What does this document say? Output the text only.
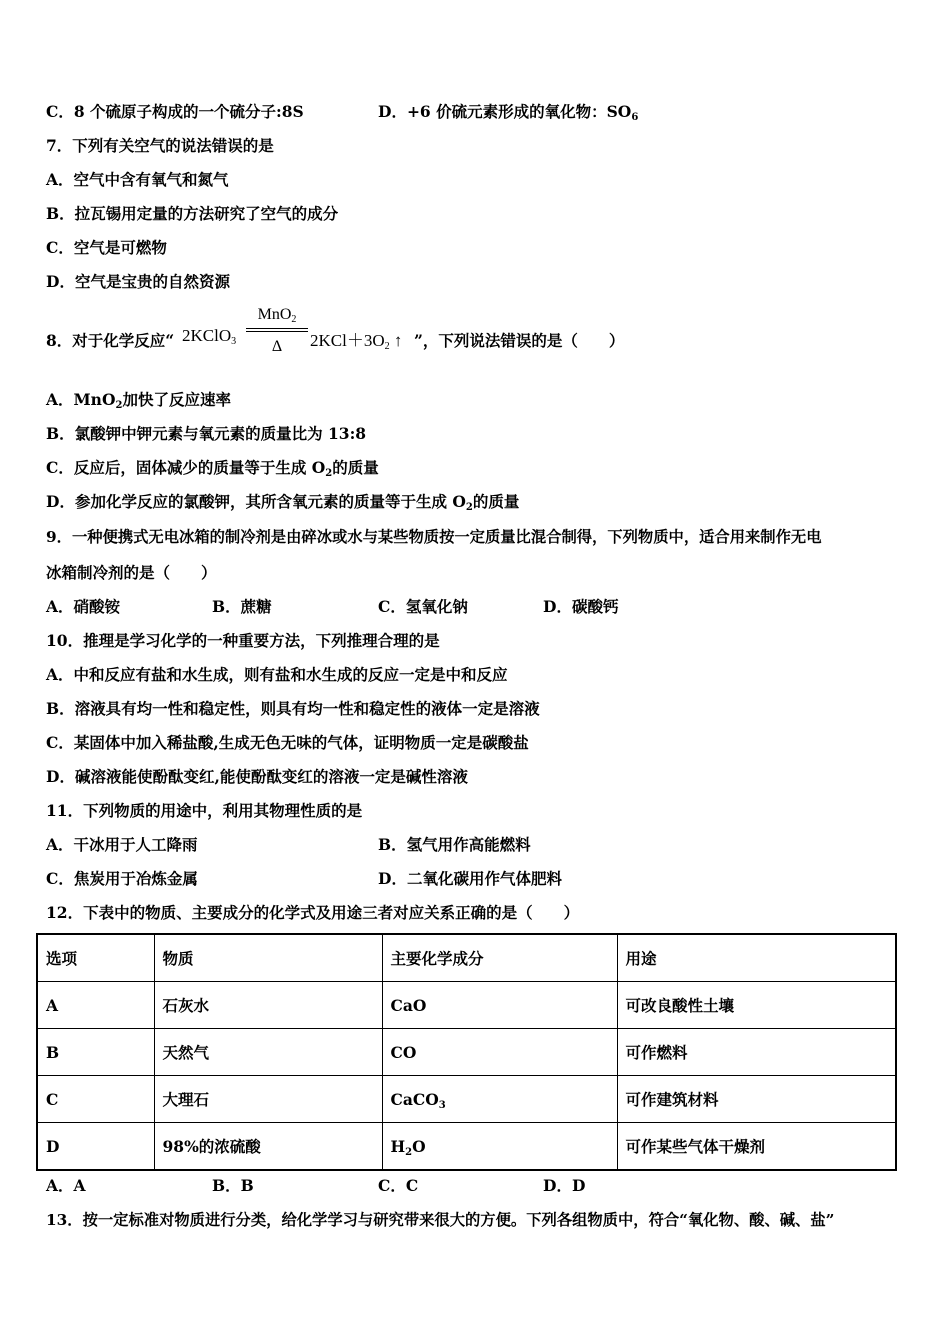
C．8 个硫原子构成的一个硫分子:8S	D．+6 价硫元素形成的氧化物：$SO_6$
7．下列有关空气的说法错误的是
A．空气中含有氧气和氮气
B．拉瓦锡用定量的方法研究了空气的成分
C．空气是可燃物
D．空气是宝贵的自然资源
8．对于化学反应“ 2KClO$_3$
MnO$_2$
Δ	$2KCl+3O_2$ ↑ ”，下列说法错误的是（　　）
A．MnO$_2$加快了反应速率
B．氯酸钾中钾元素与氧元素的质量比为 13:8
C．反应后，固体减少的质量等于生成 $O_2$的质量
D．参加化学反应的氯酸钾，其所含氧元素的质量等于生成 $O_2$的质量
9．一种便携式无电冰箱的制冷剂是由碎冰或水与某些物质按一定质量比混合制得，下列物质中，适合用来制作无电
冰箱制冷剂的是（　　）
A．硝酸铵	B．蔗糖	C．氢氧化钠	D．碳酸钙
10．推理是学习化学的一种重要方法，下列推理合理的是
A．中和反应有盐和水生成，则有盐和水生成的反应一定是中和反应
B．溶液具有均一性和稳定性，则具有均一性和稳定性的液体一定是溶液
C．某固体中加入稀盐酸,生成无色无味的气体，证明物质一定是碳酸盐
D．碱溶液能使酚酞变红,能使酚酞变红的溶液一定是碱性溶液
11．下列物质的用途中，利用其物理性质的是
A．干冰用于人工降雨	B．氢气用作高能燃料
C．焦炭用于冶炼金属	D．二氧化碳用作气体肥料
12．下表中的物质、主要成分的化学式及用途三者对应关系正确的是（　　）
选项	物质	主要化学成分	用途
A	石灰水	CaO	可改良酸性土壤
B	天然气	CO	可作燃料
C	大理石	CaCO$_3$	可作建筑材料
D	98%的浓硫酸	$H_2O$	可作某些气体干燥剂
A．A	B．B	C．C	D．D
13．按一定标准对物质进行分类，给化学学习与研究带来很大的方便。下列各组物质中，符合“氧化物、酸、碱、盐”
